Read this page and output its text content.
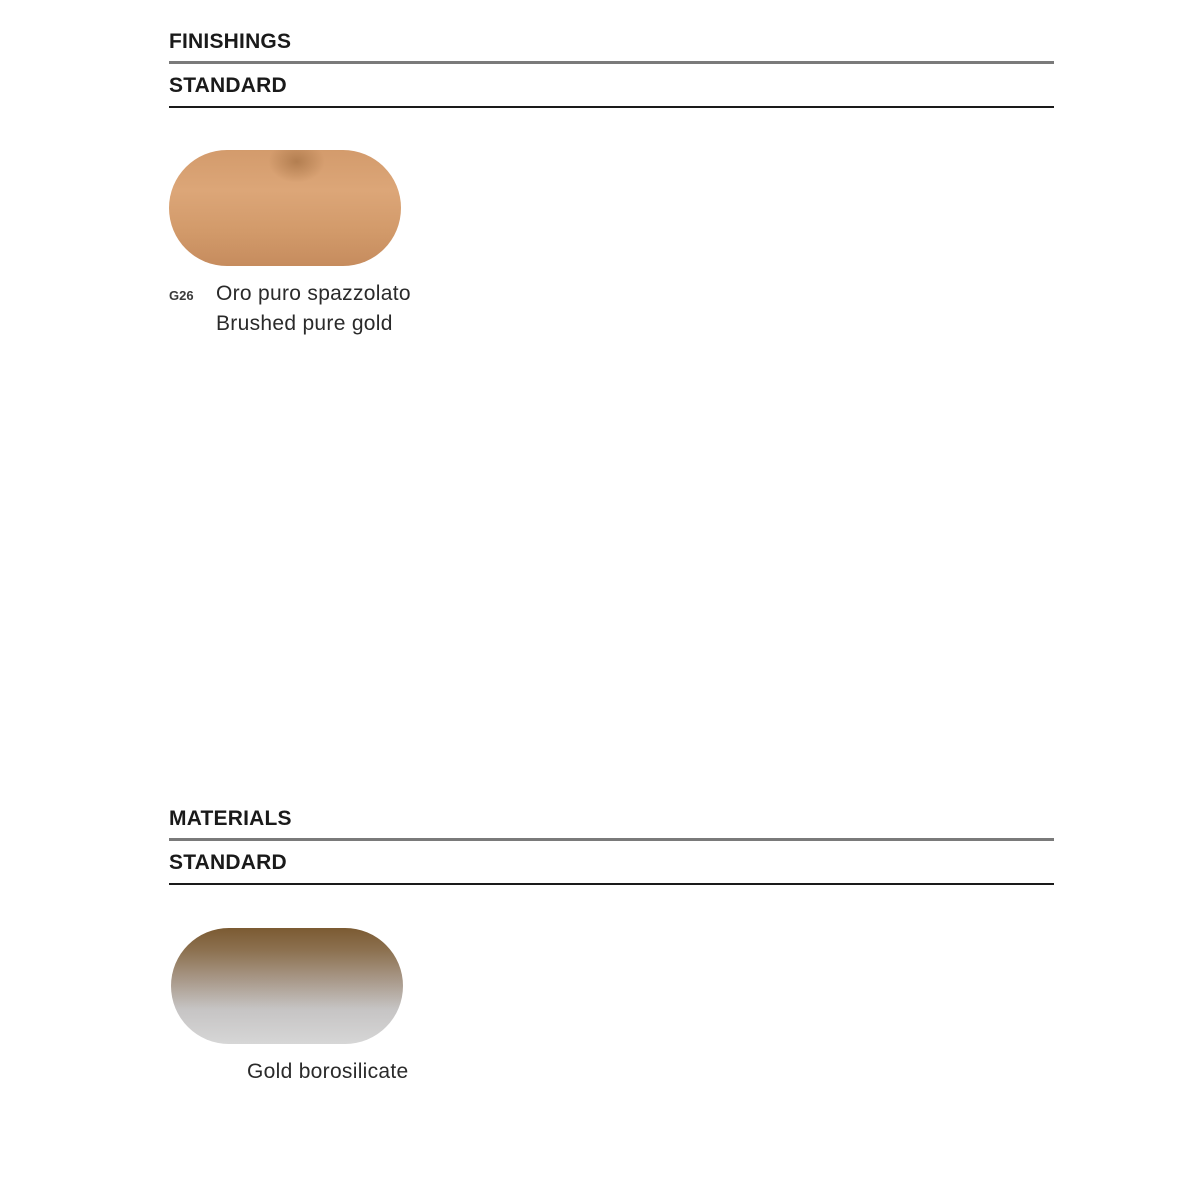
FINISHINGS
STANDARD
G26 Oro puro spazzolato
Brushed pure gold
MATERIALS
STANDARD
Gold borosilicate
